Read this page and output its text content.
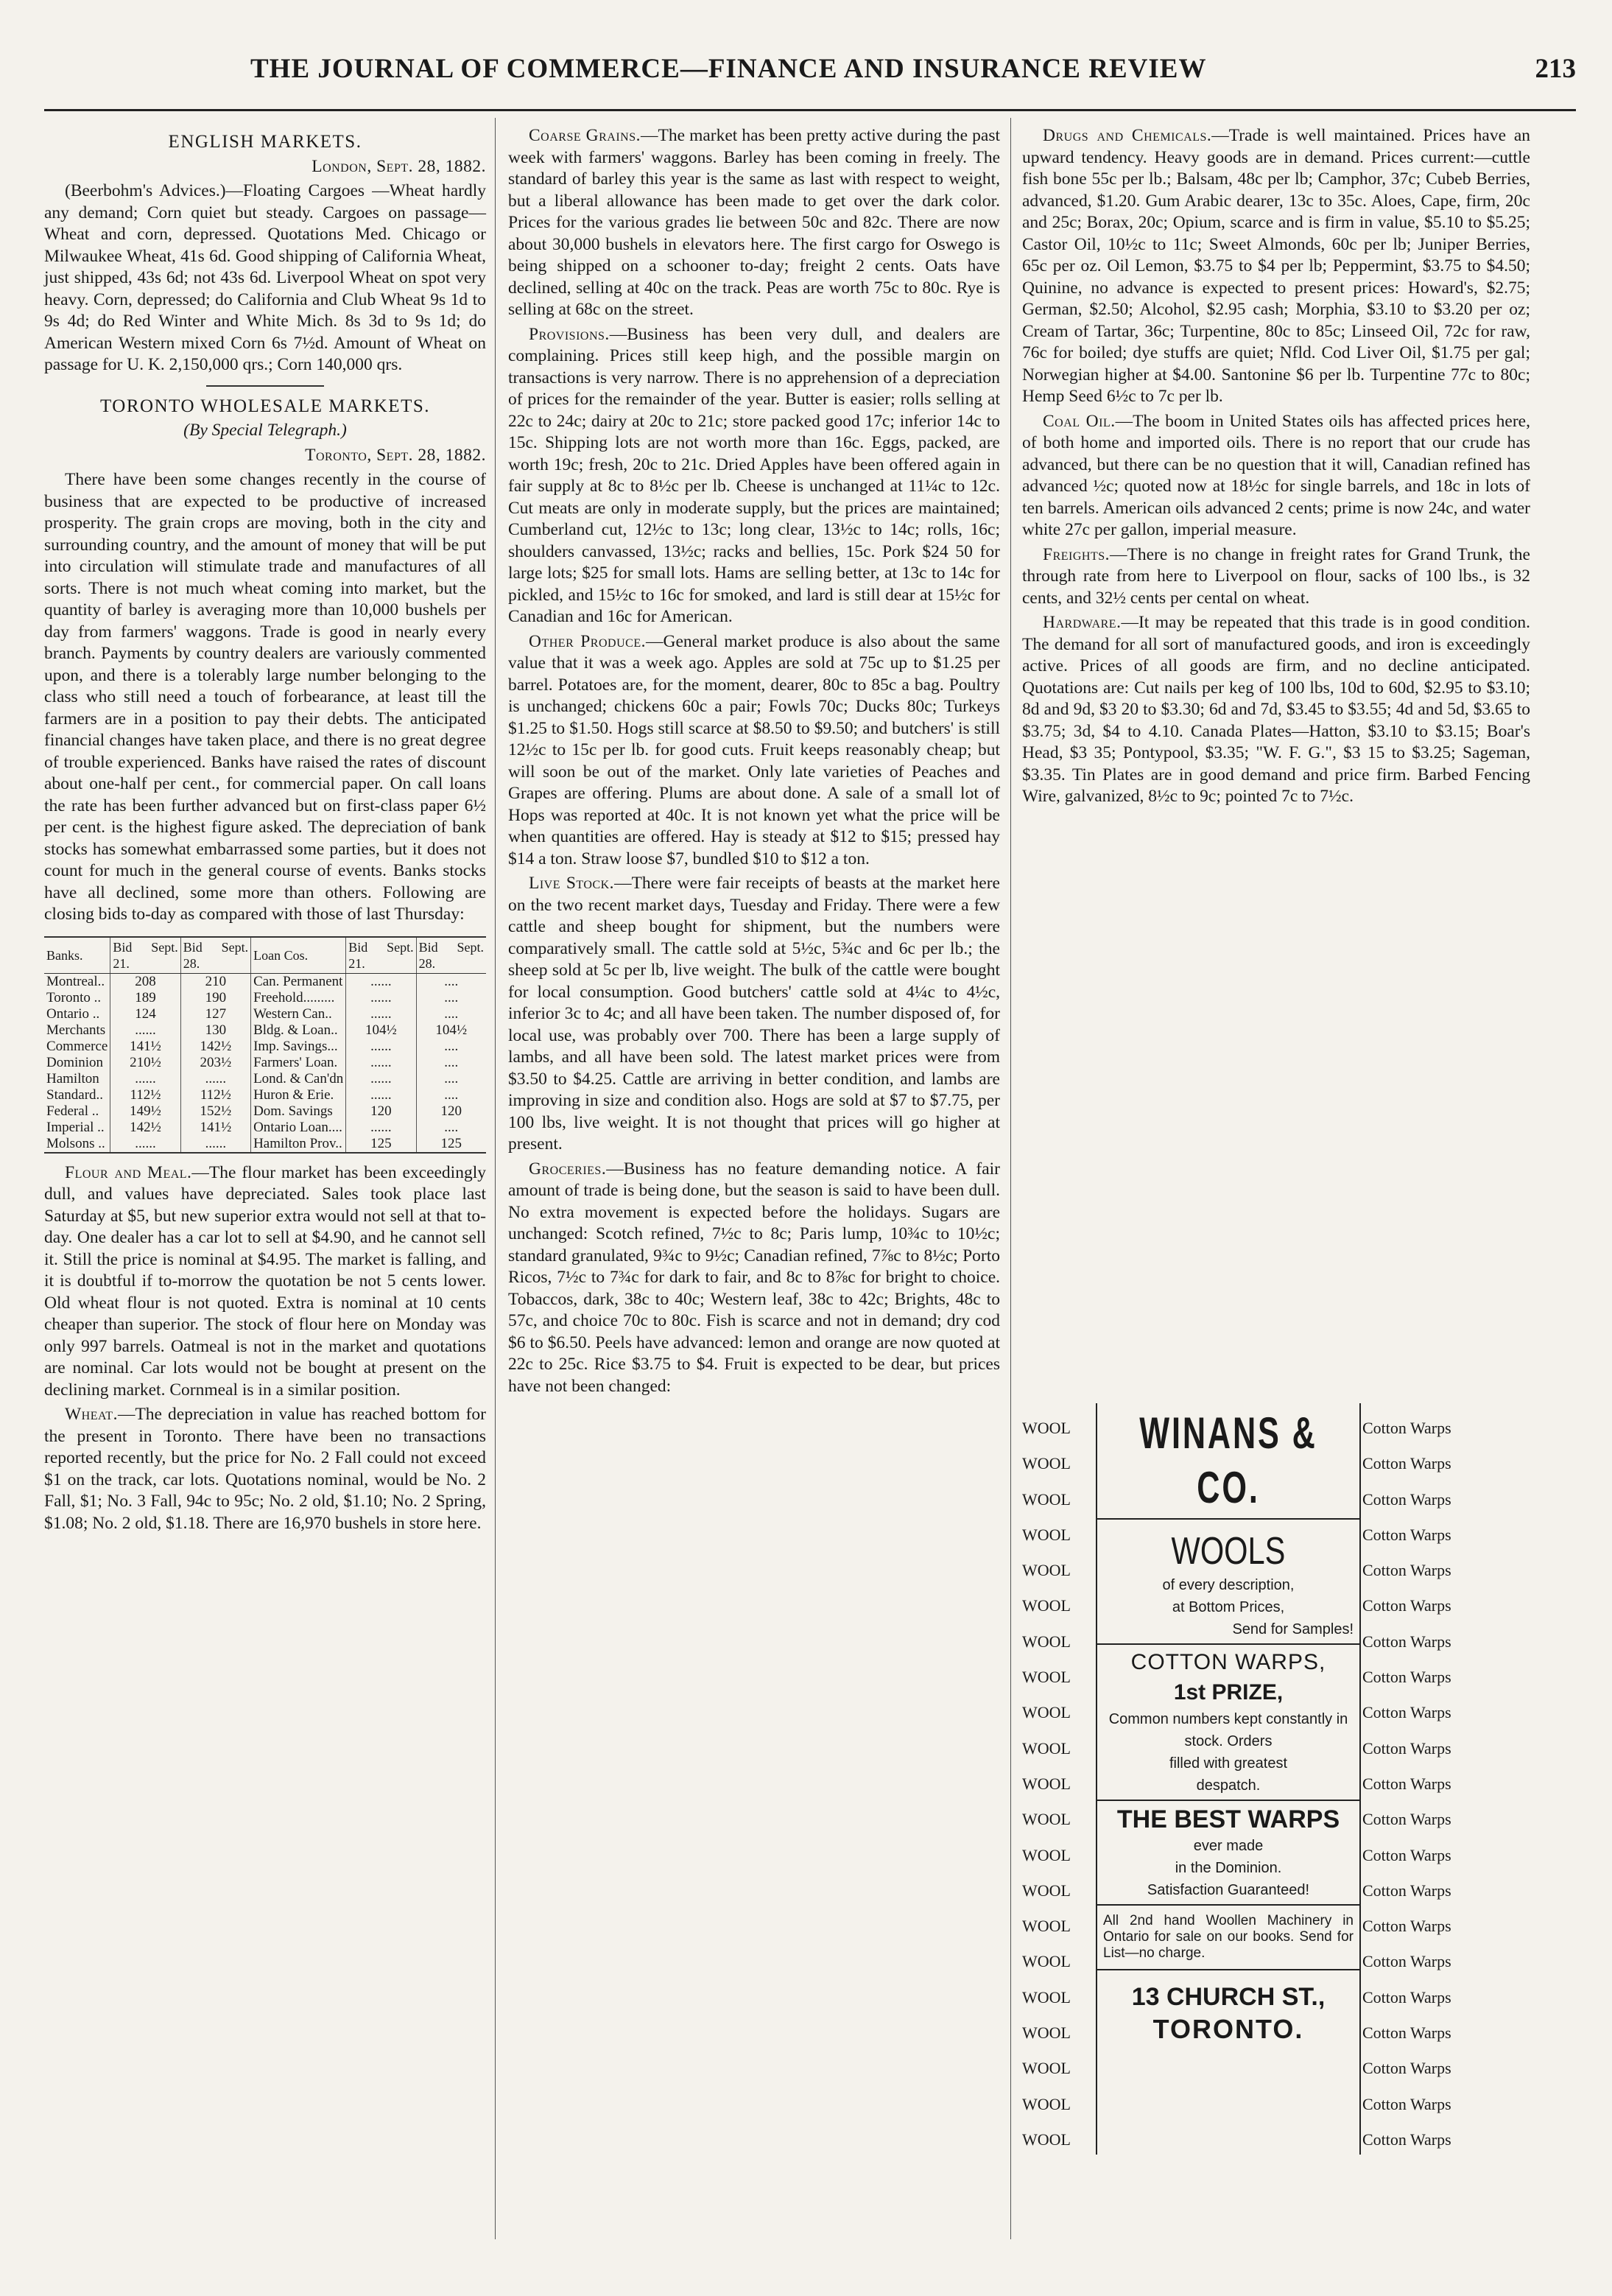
THE JOURNAL OF COMMERCE—FINANCE AND INSURANCE REVIEW	213
ENGLISH MARKETS.

London, Sept. 28, 1882.

(Beerbohm's Advices.)—Floating Cargoes —Wheat hardly any demand; Corn quiet but steady. Cargoes on passage—Wheat and corn, depressed. Quotations Med. Chicago or Milwaukee Wheat, 41s 6d. Good shipping of California Wheat, just shipped, 43s 6d; not 43s 6d. Liverpool Wheat on spot very heavy. Corn, depressed; do California and Club Wheat 9s 1d to 9s 4d; do Red Winter and White Mich. 8s 3d to 9s 1d; do American Western mixed Corn 6s 7½d. Amount of Wheat on passage for U. K. 2,150,000 qrs.; Corn 140,000 qrs.

TORONTO WHOLESALE MARKETS.

(By Special Telegraph.)

Toronto, Sept. 28, 1882.

There have been some changes recently in the course of business that are expected to be productive of increased prosperity. The grain crops are moving, both in the city and surrounding country, and the amount of money that will be put into circulation will stimulate trade and manufactures of all sorts. There is not much wheat coming into market, but the quantity of barley is averaging more than 10,000 bushels per day from farmers' waggons. Trade is good in nearly every branch. Payments by country dealers are variously commented upon, and there is a tolerably large number belonging to the class who still need a touch of forbearance, at least till the farmers are in a position to pay their debts. The anticipated financial changes have taken place, and there is no great degree of trouble experienced. Banks have raised the rates of discount about one-half per cent., for commercial paper. On call loans the rate has been further advanced but on first-class paper 6½ per cent. is the highest figure asked. The depreciation of bank stocks has somewhat embarrassed some parties, but it does not count for much in the general course of events. Banks stocks have all declined, some more than others. Following are closing bids to-day as compared with those of last Thursday:

Banks.	Bid Sept. 21.	Bid Sept. 28.	Loan Cos.	Bid Sept. 21.	Bid Sept. 28.
Montreal..	208	210	Can. Permanent	......	....
Toronto ..	189	190	Freehold.........	......	....
Ontario ..	124	127	Western Can..	......	....
Merchants	......	130	Bldg. & Loan..	104½	104½
Commerce	141½	142½	Imp. Savings...	......	....
Dominion	210½	203½	Farmers' Loan.	......	....
Hamilton	......	......	Lond. & Can'dn	......	....
Standard..	112½	112½	Huron & Erie.	......	....
Federal ..	149½	152½	Dom. Savings	120	120
Imperial ..	142½	141½	Ontario Loan....	......	....
Molsons ..	......	......	Hamilton Prov..	125	125

Flour and Meal.—The flour market has been exceedingly dull, and values have depreciated. Sales took place last Saturday at $5, but new superior extra would not sell at that to-day. One dealer has a car lot to sell at $4.90, and he cannot sell it. Still the price is nominal at $4.95. The market is falling, and it is doubtful if to-morrow the quotation be not 5 cents lower. Old wheat flour is not quoted. Extra is nominal at 10 cents cheaper than superior. The stock of flour here on Monday was only 997 barrels. Oatmeal is not in the market and quotations are nominal. Car lots would not be bought at present on the declining market. Cornmeal is in a similar position.

Wheat.—The depreciation in value has reached bottom for the present in Toronto. There have been no transactions reported recently, but the price for No. 2 Fall could not exceed $1 on the track, car lots. Quotations nominal, would be No. 2 Fall, $1; No. 3 Fall, 94c to 95c; No. 2 old, $1.10; No. 2 Spring, $1.08; No. 2 old, $1.18. There are 16,970 bushels in store here.

Coarse Grains.—The market has been pretty active during the past week with farmers' waggons. Barley has been coming in freely. The standard of barley this year is the same as last with respect to weight, but a liberal allowance has been made to get over the dark color. Prices for the various grades lie between 50c and 82c. There are now about 30,000 bushels in elevators here. The first cargo for Oswego is being shipped on a schooner to-day; freight 2 cents. Oats have declined, selling at 40c on the track. Peas are worth 75c to 80c. Rye is selling at 68c on the street.

Provisions.—Business has been very dull, and dealers are complaining. Prices still keep high, and the possible margin on transactions is very narrow. There is no apprehension of a depreciation of prices for the remainder of the year. Butter is easier; rolls selling at 22c to 24c; dairy at 20c to 21c; store packed good 17c; inferior 14c to 15c. Shipping lots are not worth more than 16c. Eggs, packed, are worth 19c; fresh, 20c to 21c. Dried Apples have been offered again in fair supply at 8c to 8½c per lb. Cheese is unchanged at 11¼c to 12c. Cut meats are only in moderate supply, but the prices are maintained; Cumberland cut, 12½c to 13c; long clear, 13½c to 14c; rolls, 16c; shoulders canvassed, 13½c; racks and bellies, 15c. Pork $24 50 for large lots; $25 for small lots. Hams are selling better, at 13c to 14c for pickled, and 15½c to 16c for smoked, and lard is still dear at 15½c for Canadian and 16c for American.

Other Produce.—General market produce is also about the same value that it was a week ago. Apples are sold at 75c up to $1.25 per barrel. Potatoes are, for the moment, dearer, 80c to 85c a bag. Poultry is unchanged; chickens 60c a pair; Fowls 70c; Ducks 80c; Turkeys $1.25 to $1.50. Hogs still scarce at $8.50 to $9.50; and butchers' is still 12½c to 15c per lb. for good cuts. Fruit keeps reasonably cheap; but will soon be out of the market. Only late varieties of Peaches and Grapes are offering. Plums are about done. A sale of a small lot of Hops was reported at 40c. It is not known yet what the price will be when quantities are offered. Hay is steady at $12 to $15; pressed hay $14 a ton. Straw loose $7, bundled $10 to $12 a ton.

Live Stock.—There were fair receipts of beasts at the market here on the two recent market days, Tuesday and Friday. There were a few cattle and sheep bought for shipment, but the numbers were comparatively small. The cattle sold at 5½c, 5¾c and 6c per lb.; the sheep sold at 5c per lb, live weight. The bulk of the cattle were bought for local consumption. Good butchers' cattle sold at 4¼c to 4½c, inferior 3c to 4c; and all have been taken. The number disposed of, for local use, was probably over 700. There has been a large supply of lambs, and all have been sold. The latest market prices were from $3.50 to $4.25. Cattle are arriving in better condition, and lambs are improving in size and condition also. Hogs are sold at $7 to $7.75, per 100 lbs, live weight. It is not thought that prices will go higher at present.

Groceries.—Business has no feature demanding notice. A fair amount of trade is being done, but the season is said to have been dull. No extra movement is expected before the holidays. Sugars are unchanged: Scotch refined, 7½c to 8c; Paris lump, 10¾c to 10½c; standard granulated, 9¾c to 9½c; Canadian refined, 7⅞c to 8½c; Porto Ricos, 7½c to 7¾c for dark to fair, and 8c to 8⅞c for bright to choice. Tobaccos, dark, 38c to 40c; Western leaf, 38c to 42c; Brights, 48c to 57c, and choice 70c to 80c. Fish is scarce and not in demand; dry cod $6 to $6.50. Peels have advanced: lemon and orange are now quoted at 22c to 25c. Rice $3.75 to $4. Fruit is expected to be dear, but prices have not been changed:

Drugs and Chemicals.—Trade is well maintained. Prices have an upward tendency. Heavy goods are in demand. Prices current:—cuttle fish bone 55c per lb.; Balsam, 48c per lb; Camphor, 37c; Cubeb Berries, advanced, $1.20. Gum Arabic dearer, 13c to 35c. Aloes, Cape, firm, 20c and 25c; Borax, 20c; Opium, scarce and is firm in value, $5.10 to $5.25; Castor Oil, 10½c to 11c; Sweet Almonds, 60c per lb; Juniper Berries, 65c per oz. Oil Lemon, $3.75 to $4 per lb; Peppermint, $3.75 to $4.50; Quinine, no advance is expected to present prices: Howard's, $2.75; German, $2.50; Alcohol, $2.95 cash; Morphia, $3.10 to $3.20 per oz; Cream of Tartar, 36c; Turpentine, 80c to 85c; Linseed Oil, 72c for raw, 76c for boiled; dye stuffs are quiet; Nfld. Cod Liver Oil, $1.75 per gal; Norwegian higher at $4.00. Santonine $6 per lb. Turpentine 77c to 80c; Hemp Seed 6½c to 7c per lb.

Coal Oil.—The boom in United States oils has affected prices here, of both home and imported oils. There is no report that our crude has advanced, but there can be no question that it will, Canadian refined has advanced ½c; quoted now at 18½c for single barrels, and 18c in lots of ten barrels. American oils advanced 2 cents; prime is now 24c, and water white 27c per gallon, imperial measure.

Freights.—There is no change in freight rates for Grand Trunk, the through rate from here to Liverpool on flour, sacks of 100 lbs., is 32 cents, and 32½ cents per cental on wheat.

Hardware.—It may be repeated that this trade is in good condition. The demand for all sort of manufactured goods, and iron is exceedingly active. Prices of all goods are firm, and no decline anticipated. Quotations are: Cut nails per keg of 100 lbs, 10d to 60d, $2.95 to $3.10; 8d and 9d, $3 20 to $3.30; 6d and 7d, $3.45 to $3.55; 4d and 5d, $3.65 to $3.75; 3d, $4 to 4.10. Canada Plates—Hatton, $3.10 to $3.15; Boar's Head, $3 35; Pontypool, $3.35; "W. F. G.", $3 15 to $3.25; Sageman, $3.35. Tin Plates are in good demand and price firm. Barbed Fencing Wire, galvanized, 8½c to 9c; pointed 7c to 7½c.

WOOL
WOOL
WOOL
WOOL
WOOL
WOOL
WOOL
WOOL
WOOL
WOOL
WOOL
WOOL
WOOL
WOOL
WOOL
WOOL
WOOL
WOOL
WOOL
WOOL
WOOL
WINANS & CO.
WOOLS
of every description,
at Bottom Prices,
Send for Samples!
COTTON WARPS,
1st PRIZE,
Common numbers kept constantly in stock. Orders
filled with greatest
despatch.
THE BEST WARPS
ever made
in the Dominion.
Satisfaction Guaranteed!
All 2nd hand Woollen Machinery in Ontario for sale on our books. Send for List—no charge.
13 CHURCH ST.,
TORONTO.
Cotton Warps
Cotton Warps
Cotton Warps
Cotton Warps
Cotton Warps
Cotton Warps
Cotton Warps
Cotton Warps
Cotton Warps
Cotton Warps
Cotton Warps
Cotton Warps
Cotton Warps
Cotton Warps
Cotton Warps
Cotton Warps
Cotton Warps
Cotton Warps
Cotton Warps
Cotton Warps
Cotton Warps
